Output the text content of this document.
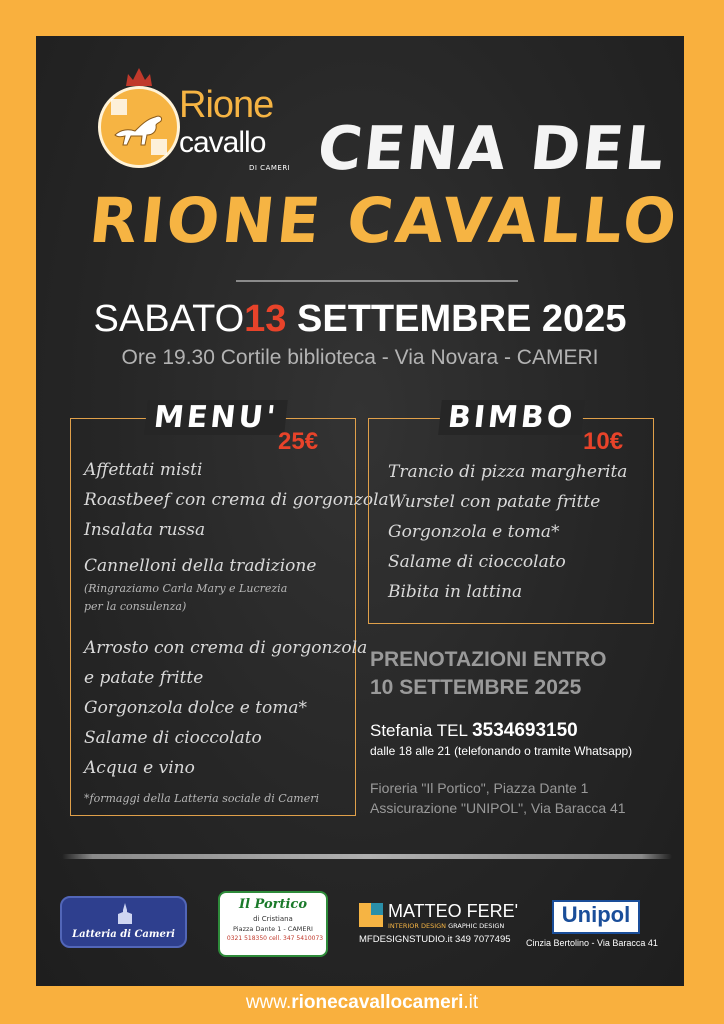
Rione
cavallo
DI CAMERI CENA DEL
RIONE CAVALLO
SABATO13 SETTEMBRE 2025
Ore 19.30 Cortile biblioteca - Via Novara - CAMERI
MENU'
25€
Affettati misti
Roastbeef con crema di gorgonzola
Insalata russa
Cannelloni della tradizione
(Ringraziamo Carla Mary e Lucrezia
per la consulenza)
Arrosto con crema di gorgonzola
e patate fritte
Gorgonzola dolce e toma*
Salame di cioccolato
Acqua e vino
*formaggi della Latteria sociale di Cameri
BIMBO
10€
Trancio di pizza margherita
Wurstel con patate fritte
Gorgonzola e toma*
Salame di cioccolato
Bibita in lattina
PRENOTAZIONI ENTRO
10 SETTEMBRE 2025
Stefania TEL 3534693150
dalle 18 alle 21 (telefonando o tramite Whatsapp)
Fioreria "Il Portico", Piazza Dante 1
Assicurazione "UNIPOL", Via Baracca 41
Latteria di Cameri
Il Portico
di Cristiana
Piazza Dante 1 - CAMERI
0321 518350 cell. 347 5410073
MATTEO FERE'
INTERIOR DESIGN GRAPHIC DESIGN
MFDESIGNSTUDIO.it 349 7077495
Unipol
Cinzia Bertolino - Via Baracca 41
www.rionecavallocameri.it
